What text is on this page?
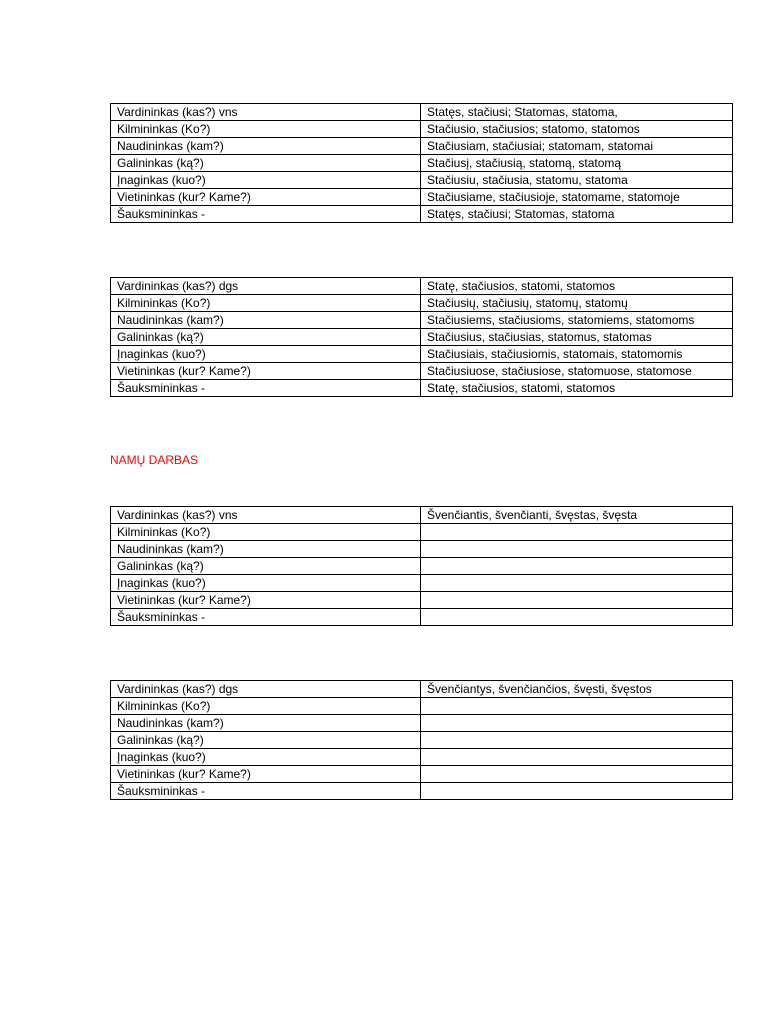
Vardininkas (kas?) vns	Statęs, stačiusi; Statomas, statoma,
Kilmininkas (Ko?)	Stačiusio, stačiusios; statomo, statomos
Naudininkas (kam?)	Stačiusiam, stačiusiai; statomam, statomai
Galininkas (ką?)	Stačiusį, stačiusią, statomą, statomą
Įnaginkas (kuo?)	Stačiusiu, stačiusia, statomu, statoma
Vietininkas (kur? Kame?)	Stačiusiame, stačiusioje, statomame, statomoje
Šauksmininkas -	Statęs, stačiusi; Statomas, statoma
Vardininkas (kas?) dgs	Statę, stačiusios, statomi, statomos
Kilmininkas (Ko?)	Stačiusių, stačiusių, statomų, statomų
Naudininkas (kam?)	Stačiusiems, stačiusioms, statomiems, statomoms
Galininkas (ką?)	Stačiusius, stačiusias, statomus, statomas
Įnaginkas (kuo?)	Stačiusiais, stačiusiomis, statomais, statomomis
Vietininkas (kur? Kame?)	Stačiusiuose, stačiusiose, statomuose, statomose
Šauksmininkas -	Statę, stačiusios, statomi, statomos

NAMŲ DARBAS

Vardininkas (kas?) vns	Švenčiantis, švenčianti, švęstas, švęsta
Kilmininkas (Ko?)	
Naudininkas (kam?)	
Galininkas (ką?)	
Įnaginkas (kuo?)	
Vietininkas (kur? Kame?)	
Šauksmininkas -	
Vardininkas (kas?) dgs	Švenčiantys, švenčiančios, švęsti, švęstos
Kilmininkas (Ko?)	
Naudininkas (kam?)	
Galininkas (ką?)	
Įnaginkas (kuo?)	
Vietininkas (kur? Kame?)	
Šauksmininkas -	
